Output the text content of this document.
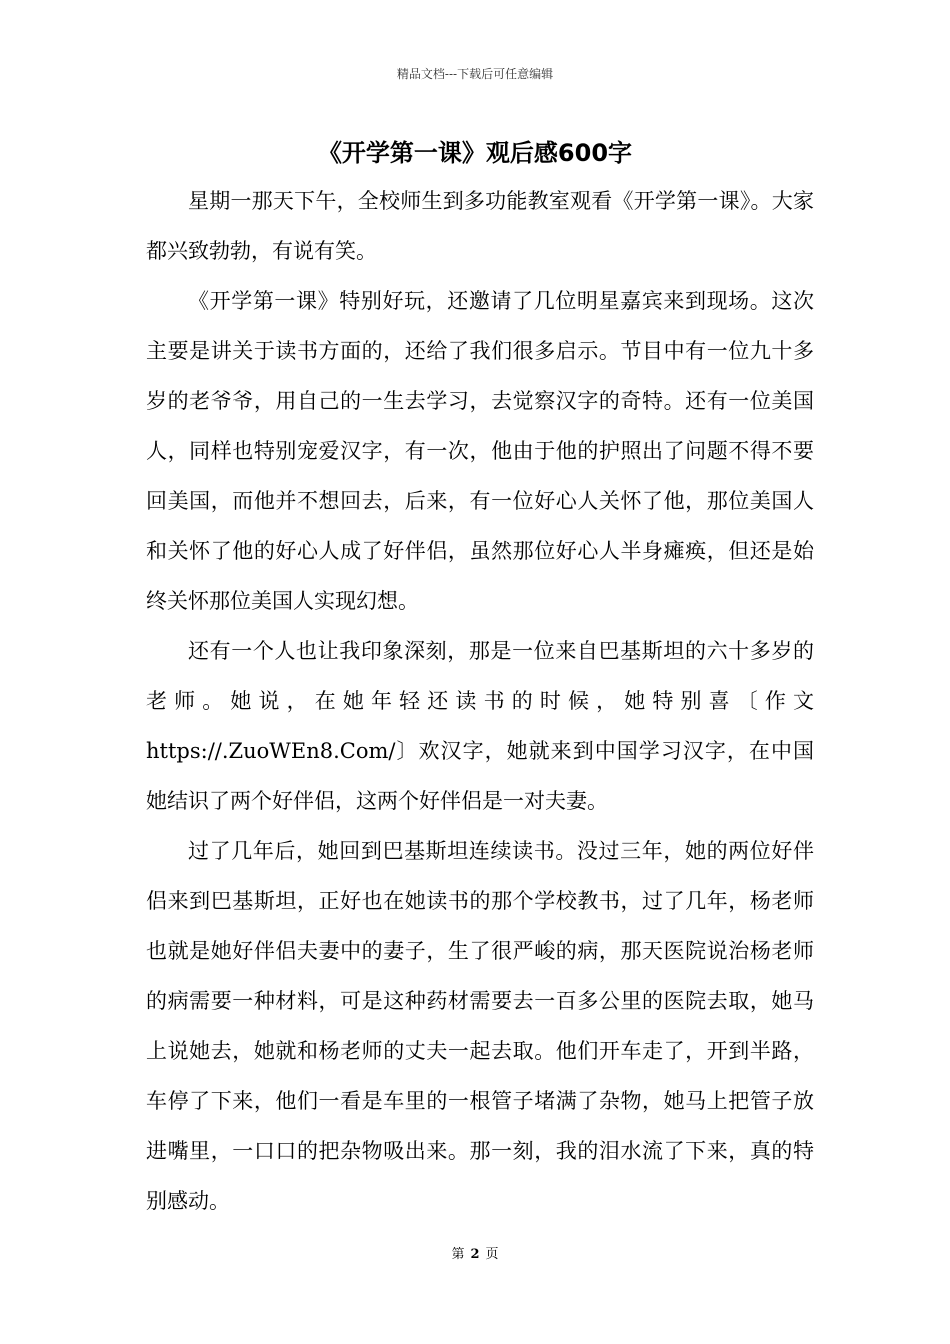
精品文档---下载后可任意编辑
《开学第一课》观后感600字

星期一那天下午，全校师生到多功能教室观看《开学第一课》。大家都兴致勃勃，有说有笑。

《开学第一课》特别好玩，还邀请了几位明星嘉宾来到现场。这次主要是讲关于读书方面的，还给了我们很多启示。节目中有一位九十多岁的老爷爷，用自己的一生去学习，去觉察汉字的奇特。还有一位美国人，同样也特别宠爱汉字，有一次，他由于他的护照出了问题不得不要回美国，而他并不想回去，后来，有一位好心人关怀了他，那位美国人和关怀了他的好心人成了好伴侣，虽然那位好心人半身瘫痪，但还是始终关怀那位美国人实现幻想。

还有一个人也让我印象深刻，那是一位来自巴基斯坦的六十多岁的老师。她说，在她年轻还读书的时候，她特别喜〔作文https://.ZuoWEn8.Com/〕欢汉字，她就来到中国学习汉字，在中国她结识了两个好伴侣，这两个好伴侣是一对夫妻。

过了几年后，她回到巴基斯坦连续读书。没过三年，她的两位好伴侣来到巴基斯坦，正好也在她读书的那个学校教书，过了几年，杨老师也就是她好伴侣夫妻中的妻子，生了很严峻的病，那天医院说治杨老师的病需要一种材料，可是这种药材需要去一百多公里的医院去取，她马上说她去，她就和杨老师的丈夫一起去取。他们开车走了，开到半路，车停了下来，他们一看是车里的一根管子堵满了杂物，她马上把管子放进嘴里，一口口的把杂物吸出来。那一刻，我的泪水流了下来，真的特别感动。

第 2 页
